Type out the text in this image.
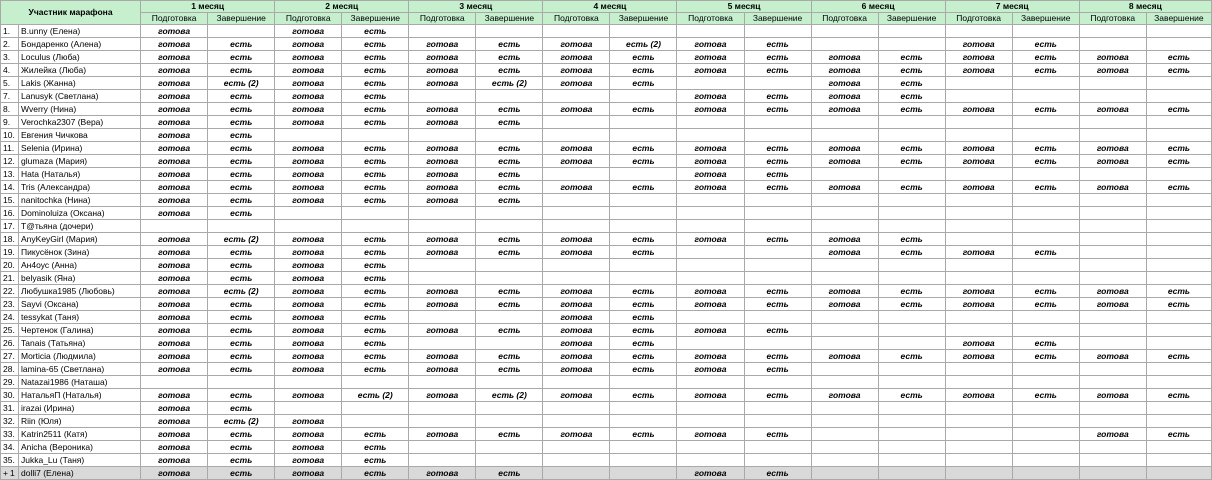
Участник марафона		1 месяц		2 месяц		3 месяц		4 месяц		5 месяц		6 месяц		7 месяц		8 месяц	
		Подготовка	Завершение	Подготовка	Завершение	Подготовка	Завершение	Подготовка	Завершение	Подготовка	Завершение	Подготовка	Завершение	Подготовка	Завершение	Подготовка	Завершение
1.	B.unny (Елена)	готова		готова	есть												
2.	Бондаренко (Алена)	готова	есть	готова	есть	готова	есть	готова	есть (2)	готова	есть			готова	есть		
3.	Loculus (Люба)	готова	есть	готова	есть	готова	есть	готова	есть	готова	есть	готова	есть	готова	есть	готова	есть
4.	Жилейка (Люба)	готова	есть	готова	есть	готова	есть	готова	есть	готова	есть	готова	есть	готова	есть	готова	есть
5.	Lakis (Жанна)	готова	есть (2)	готова	есть	готова	есть (2)	готова	есть			готова	есть				
7.	Lanusyk (Светлана)	готова	есть	готова	есть					готова	есть	готова	есть				
8.	Wverry (Нина)	готова	есть	готова	есть	готова	есть	готова	есть	готова	есть	готова	есть	готова	есть	готова	есть
9.	Verochka2307 (Вера)	готова	есть	готова	есть	готова	есть										
10.	Евгения Чичкова	готова	есть														
11.	Selenia (Ирина)	готова	есть	готова	есть	готова	есть	готова	есть	готова	есть	готова	есть	готова	есть	готова	есть
12.	glumaza (Мария)	готова	есть	готова	есть	готова	есть	готова	есть	готова	есть	готова	есть	готова	есть	готова	есть
13.	Hata (Наталья)	готова	есть	готова	есть	готова	есть			готова	есть						
14.	Tris (Александра)	готова	есть	готова	есть	готова	есть	готова	есть	готова	есть	готова	есть	готова	есть	готова	есть
15.	nanitochka (Нина)	готова	есть	готова	есть	готова	есть										
16.	Dominoluiza (Оксана)	готова	есть														
17.	T@тьяна (дочери)																
18.	AnyKeyGirl (Мария)	готова	есть (2)	готова	есть	готова	есть	готова	есть	готова	есть	готова	есть				
19.	Пикусёнок (Зина)	готова	есть	готова	есть	готова	есть	готова	есть			готова	есть	готова	есть		
20.	Ан4оус (Анна)	готова	есть	готова	есть												
21.	belyasik (Яна)	готова	есть	готова	есть												
22.	Любушка1985 (Любовь)	готова	есть (2)	готова	есть	готова	есть	готова	есть	готова	есть	готова	есть	готова	есть	готова	есть
23.	Sayvi (Оксана)	готова	есть	готова	есть	готова	есть	готова	есть	готова	есть	готова	есть	готова	есть	готова	есть
24.	tessykat (Таня)	готова	есть	готова	есть			готова	есть								
25.	Чертенок (Галина)	готова	есть	готова	есть	готова	есть	готова	есть	готова	есть						
26.	Tanais (Татьяна)	готова	есть	готова	есть			готова	есть					готова	есть		
27.	Morticia (Людмила)	готова	есть	готова	есть	готова	есть	готова	есть	готова	есть	готова	есть	готова	есть	готова	есть
28.	lamina-65 (Светлана)	готова	есть	готова	есть	готова	есть	готова	есть	готова	есть						
29.	Natazai1986 (Наташа)																
30.	НатальяП (Наталья)	готова	есть	готова	есть (2)	готова	есть (2)	готова	есть	готова	есть	готова	есть	готова	есть	готова	есть
31.	irazai (Ирина)	готова	есть														
32.	Riin (Юля)	готова	есть (2)	готова													
33.	Katrin2511 (Катя)	готова	есть	готова	есть	готова	есть	готова	есть	готова	есть					готова	есть
34.	Anicha (Вероника)	готова	есть	готова	есть												
35.	Jukka_Lu (Таня)	готова	есть	готова	есть												
+ 1	dolli7 (Елена)	готова	есть	готова	есть	готова	есть			готова	есть						
